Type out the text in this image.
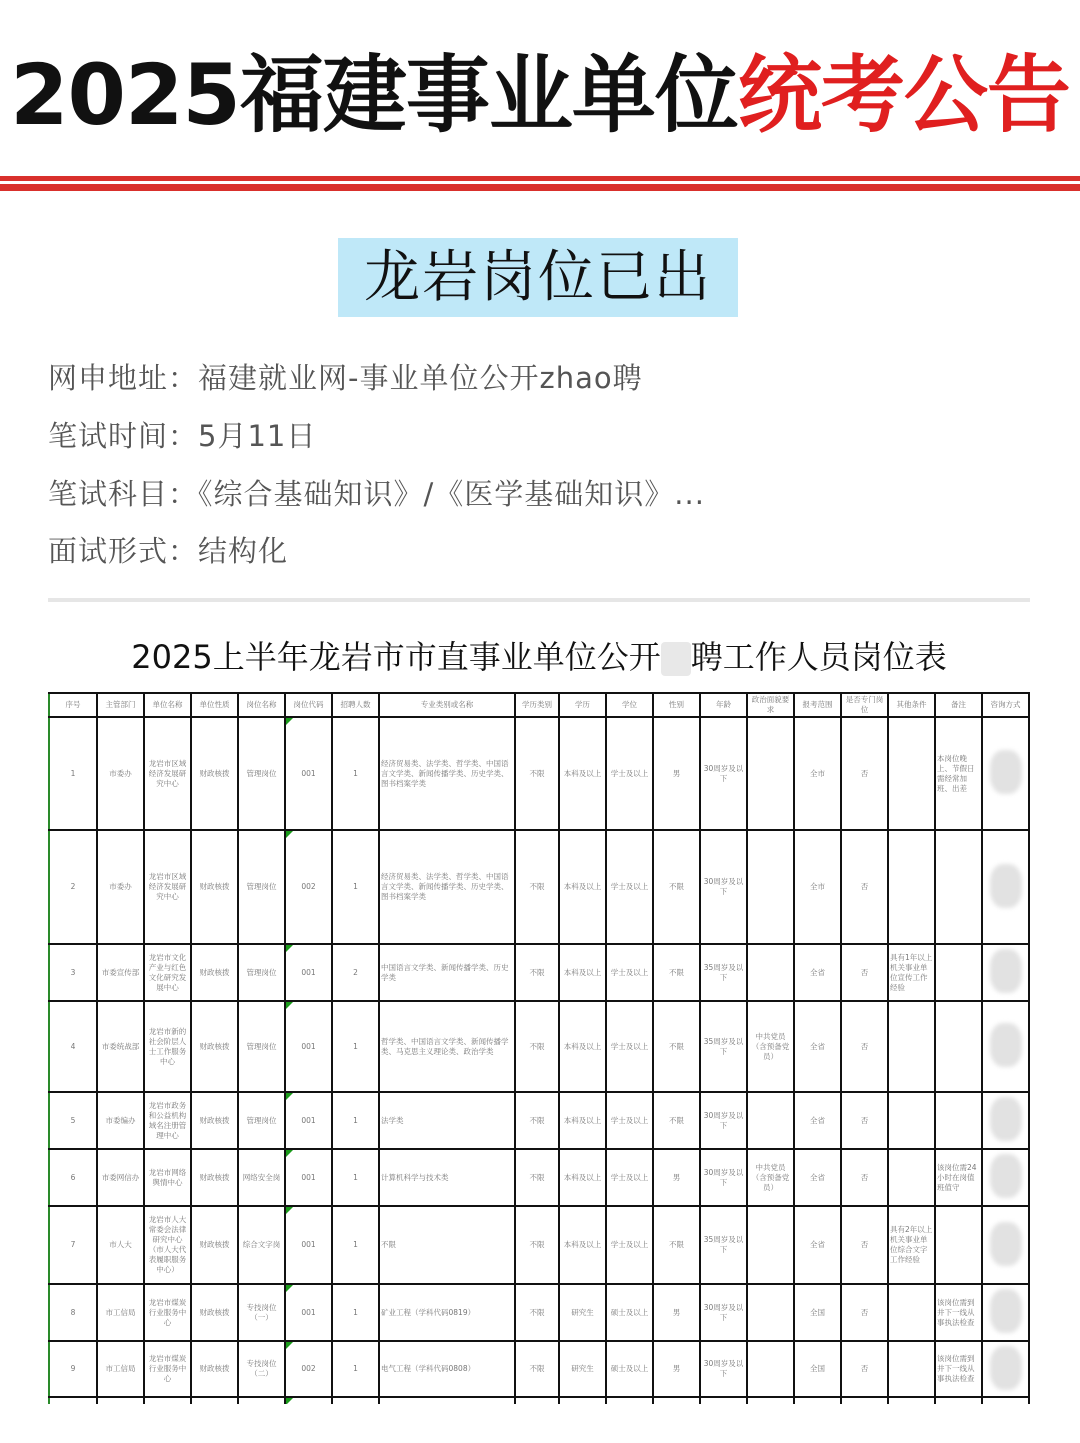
2025福建事业单位统考公告
龙岩岗位已出
网申地址：福建就业网-事业单位公开zhao聘
笔试时间：5月11日
笔试科目：《综合基础知识》/《医学基础知识》...
面试形式：结构化
2025上半年龙岩市市直事业单位公开 聘工作人员岗位表
序号	主管部门	单位名称	单位性质	岗位名称	岗位代码	招聘人数	专业类别或名称	学历类别	学历	学位	性别	年龄	政治面貌要求	报考范围	是否专门岗位	其他条件	备注	咨询方式
1	市委办	龙岩市区域经济发展研究中心	财政核拨	管理岗位	001	1	经济贸易类、法学类、哲学类、中国语言文学类、新闻传播学类、历史学类、图书档案学类	不限	本科及以上	学士及以上	男	30周岁及以下		全市	否		本岗位晚上、节假日需经常加班、出差	
2	市委办	龙岩市区域经济发展研究中心	财政核拨	管理岗位	002	1	经济贸易类、法学类、哲学类、中国语言文学类、新闻传播学类、历史学类、图书档案学类	不限	本科及以上	学士及以上	不限	30周岁及以下		全市	否			
3	市委宣传部	龙岩市文化产业与红色文化研究发展中心	财政核拨	管理岗位	001	2	中国语言文学类、新闻传播学类、历史学类	不限	本科及以上	学士及以上	不限	35周岁及以下		全省	否	具有1年以上机关事业单位宣传工作经验		
4	市委统战部	龙岩市新的社会阶层人士工作服务中心	财政核拨	管理岗位	001	1	哲学类、中国语言文学类、新闻传播学类、马克思主义理论类、政治学类	不限	本科及以上	学士及以上	不限	35周岁及以下	中共党员（含预备党员）	全省	否			
5	市委编办	龙岩市政务和公益机构域名注册管理中心	财政核拨	管理岗位	001	1	法学类	不限	本科及以上	学士及以上	不限	30周岁及以下		全省	否			
6	市委网信办	龙岩市网络舆情中心	财政核拨	网络安全岗	001	1	计算机科学与技术类	不限	本科及以上	学士及以上	男	30周岁及以下	中共党员（含预备党员）	全省	否		该岗位需24小时在岗值班值守	
7	市人大	龙岩市人大常委会法律研究中心（市人大代表履职服务中心）	财政核拨	综合文字岗	001	1	不限	不限	本科及以上	学士及以上	不限	35周岁及以下		全省	否	具有2年以上机关事业单位综合文字工作经验		
8	市工信局	龙岩市煤炭行业服务中心	财政核拨	专技岗位（一）	001	1	矿业工程（学科代码0819）	不限	研究生	硕士及以上	男	30周岁及以下		全国	否		该岗位需到井下一线从事执法检查	
9	市工信局	龙岩市煤炭行业服务中心	财政核拨	专技岗位（二）	002	1	电气工程（学科代码0808）	不限	研究生	硕士及以上	男	30周岁及以下		全国	否		该岗位需到井下一线从事执法检查	
